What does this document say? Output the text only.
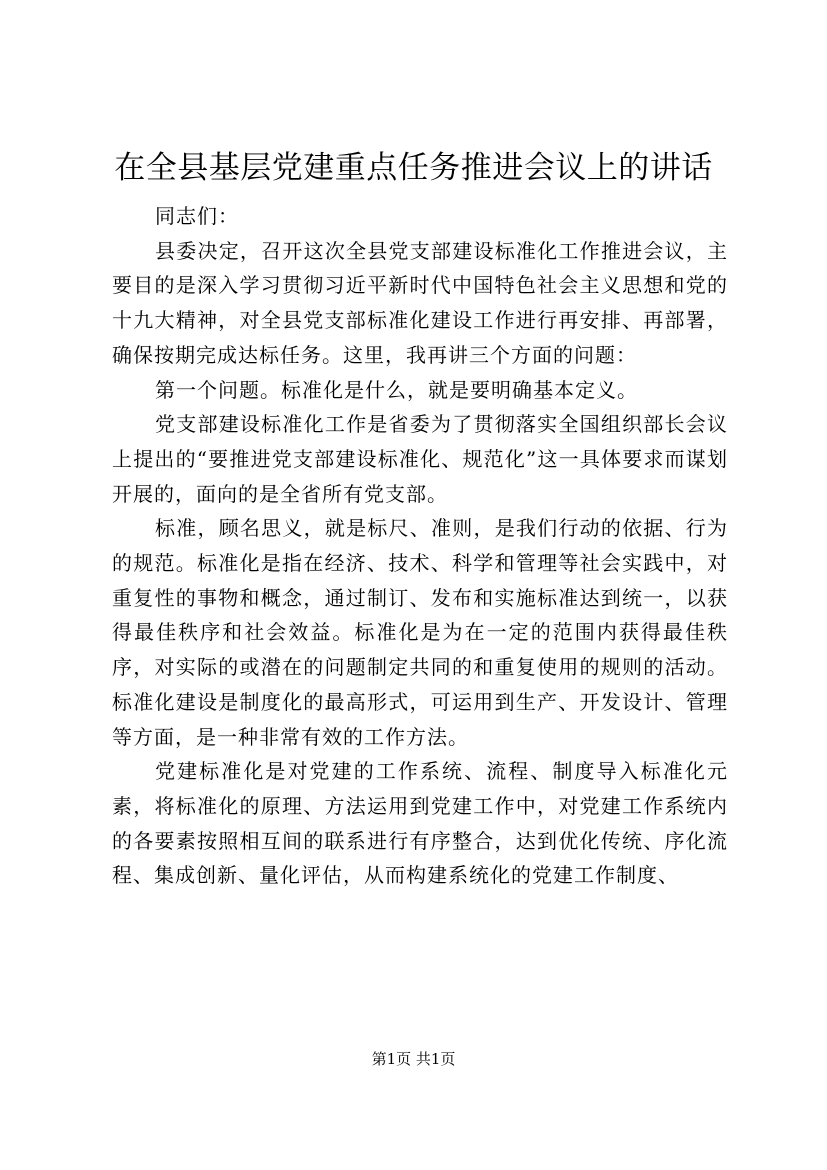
在全县基层党建重点任务推进会议上的讲话

同志们：

县委决定，召开这次全县党支部建设标准化工作推进会议，主要目的是深入学习贯彻习近平新时代中国特色社会主义思想和党的十九大精神，对全县党支部标准化建设工作进行再安排、再部署，确保按期完成达标任务。这里，我再讲三个方面的问题：

第一个问题。标准化是什么，就是要明确基本定义。

党支部建设标准化工作是省委为了贯彻落实全国组织部长会议上提出的“要推进党支部建设标准化、规范化”这一具体要求而谋划开展的，面向的是全省所有党支部。

标准，顾名思义，就是标尺、准则，是我们行动的依据、行为的规范。标准化是指在经济、技术、科学和管理等社会实践中，对重复性的事物和概念，通过制订、发布和实施标准达到统一，以获得最佳秩序和社会效益。标准化是为在一定的范围内获得最佳秩序，对实际的或潜在的问题制定共同的和重复使用的规则的活动。标准化建设是制度化的最高形式，可运用到生产、开发设计、管理等方面，是一种非常有效的工作方法。

党建标准化是对党建的工作系统、流程、制度导入标准化元素，将标准化的原理、方法运用到党建工作中，对党建工作系统内的各要素按照相互间的联系进行有序整合，达到优化传统、序化流程、集成创新、量化评估，从而构建系统化的党建工作制度、

第1页 共1页
